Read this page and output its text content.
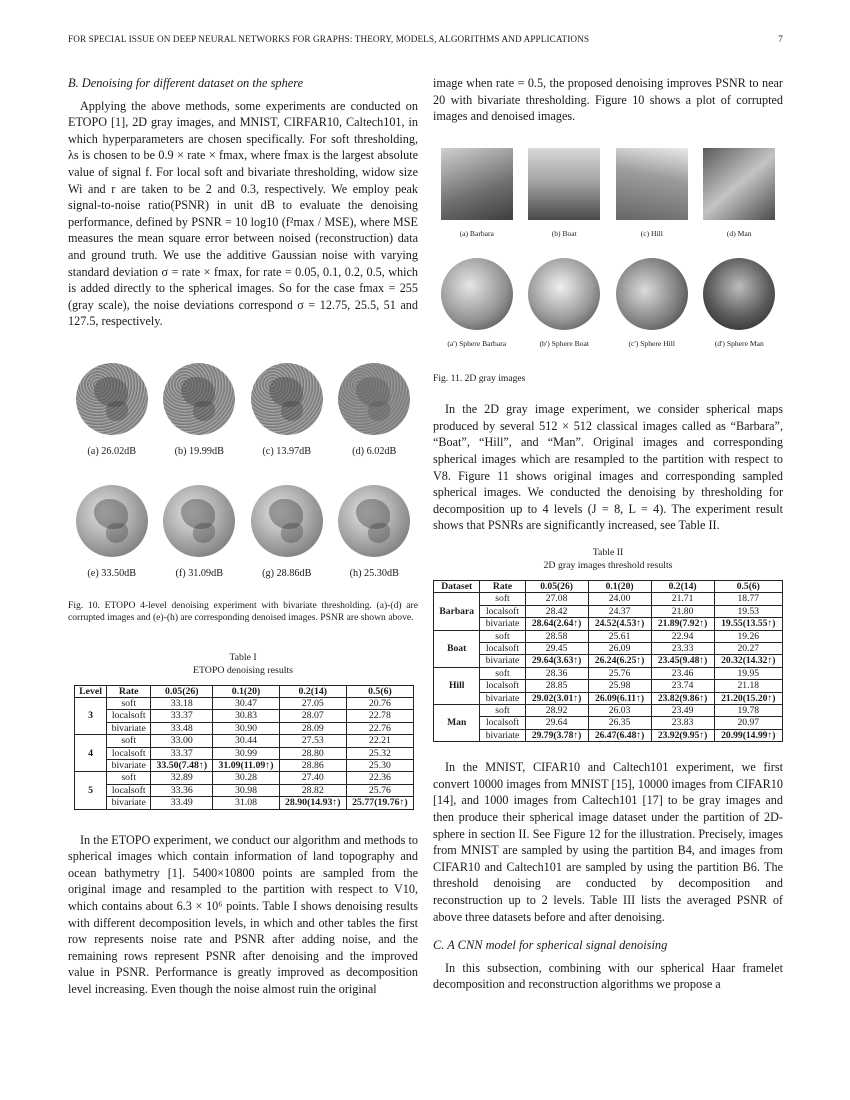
FOR SPECIAL ISSUE ON DEEP NEURAL NETWORKS FOR GRAPHS: THEORY, MODELS, ALGORITHMS AND APPLICATIONS	7
B. Denoising for different dataset on the sphere

Applying the above methods, some experiments are conducted on ETOPO [1], 2D gray images, and MNIST, CIRFAR10, Caltech101, in which hyperparameters are chosen specifically. For soft thresholding, λs is chosen to be 0.9 × rate × fmax, where fmax is the largest absolute value of signal f. For local soft and bivariate thresholding, widow size Wi and r are taken to be 2 and 0.3, respectively. We employ peak signal-to-noise ratio(PSNR) in unit dB to evaluate the denoising performance, defined by PSNR = 10 log10 (f²max / MSE), where MSE measures the mean square error between noised (reconstruction) data and ground truth. We use the additive Gaussian noise with varying standard deviation σ = rate × fmax, for rate = 0.05, 0.1, 0.2, 0.5, which is added directly to the spherical images. So for the case fmax = 255 (gray scale), the noise deviations correspond σ = 12.75, 25.5, 51 and 127.5, respectively.

(a) 26.02dB	(b) 19.99dB	(c) 13.97dB	(d) 6.02dB
(e) 33.50dB	(f) 31.09dB	(g) 28.86dB	(h) 25.30dB

Fig. 10. ETOPO 4-level denoising experiment with bivariate thresholding. (a)-(d) are corrupted images and (e)-(h) are corresponding denoised images. PSNR are shown above.

Table I
ETOPO denoising results
Level	Rate	0.05(26)	0.1(20)	0.2(14)	0.5(6)
3	soft	33.18	30.47	27.05	20.76
	localsoft	33.37	30.83	28.07	22.78
	bivariate	33.48	30.90	28.09	22.76
4	soft	33.00	30.44	27.53	22.21
	localsoft	33.37	30.99	28.80	25.32
	bivariate	33.50(7.48↑)	31.09(11.09↑)	28.86	25.30
5	soft	32.89	30.28	27.40	22.36
	localsoft	33.36	30.98	28.82	25.76
	bivariate	33.49	31.08	28.90(14.93↑)	25.77(19.76↑)

In the ETOPO experiment, we conduct our algorithm and methods to spherical images which contain information of land topography and ocean bathymetry [1]. 5400×10800 points are sampled from the original image and resampled to the partition with respect to V10, which contains about 6.3 × 10⁶ points. Table I shows denoising results with different decomposition levels, in which and other tables the first row represents noise rate and PSNR after adding noise, and the remaining rows represent PSNR after denoising and the improved value in PSNR. Performance is greatly improved as decomposition level increasing. Even though the noise almost ruin the original

image when rate = 0.5, the proposed denoising improves PSNR to near 20 with bivariate thresholding. Figure 10 shows a plot of corrupted images and denoised images.

(a) Barbara	(b) Boat	(c) Hill	(d) Man
(a') Sphere Barbara	(b') Sphere Boat	(c') Sphere Hill	(d') Sphere Man

Fig. 11. 2D gray images

In the 2D gray image experiment, we consider spherical maps produced by several 512 × 512 classical images called as “Barbara”, “Boat”, “Hill”, and “Man”. Original images and corresponding spherical images which are resampled to the partition with respect to V8. Figure 11 shows original images and corresponding sampled spherical images. We conducted the denoising by thresholding for decomposition up to 4 levels (J = 8, L = 4). The experiment result shows that PSNRs are significantly increased, see Table II.

Table II
2D gray images threshold results
Dataset	Rate	0.05(26)	0.1(20)	0.2(14)	0.5(6)
Barbara	soft	27.08	24.00	21.71	18.77
	localsoft	28.42	24.37	21.80	19.53
	bivariate	28.64(2.64↑)	24.52(4.53↑)	21.89(7.92↑)	19.55(13.55↑)
Boat	soft	28.58	25.61	22.94	19.26
	localsoft	29.45	26.09	23.33	20.27
	bivariate	29.64(3.63↑)	26.24(6.25↑)	23.45(9.48↑)	20.32(14.32↑)
Hill	soft	28.36	25.76	23.46	19.95
	localsoft	28.85	25.98	23.74	21.18
	bivariate	29.02(3.01↑)	26.09(6.11↑)	23.82(9.86↑)	21.20(15.20↑)
Man	soft	28.92	26.03	23.49	19.78
	localsoft	29.64	26.35	23.83	20.97
	bivariate	29.79(3.78↑)	26.47(6.48↑)	23.92(9.95↑)	20.99(14.99↑)

In the MNIST, CIFAR10 and Caltech101 experiment, we first convert 10000 images from MNIST [15], 10000 images from CIFAR10 [14], and 1000 images from Caltech101 [17] to be gray images and then produce their spherical image dataset under the partition of 2D-sphere in section II. See Figure 12 for the illustration. Precisely, images from MNIST are sampled by using the partition B4, and images from CIFAR10 and Caltech101 are sampled by using the partition B6. The threshold denoising are conducted by decomposition and reconstruction up to 2 levels. Table III lists the averaged PSNR of above three datasets before and after denoising.

C. A CNN model for spherical signal denoising

In this subsection, combining with our spherical Haar framelet decomposition and reconstruction algorithms we propose a
